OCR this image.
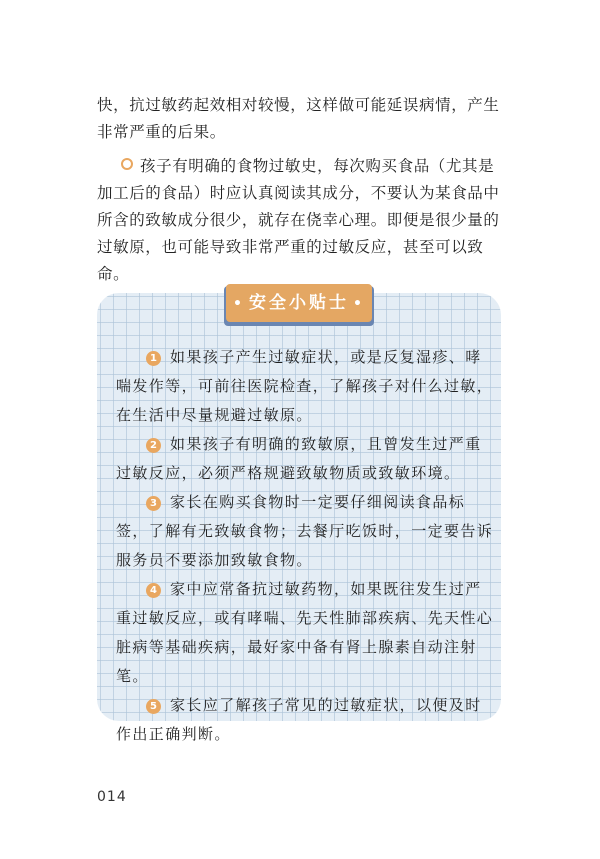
快，抗过敏药起效相对较慢，这样做可能延误病情，产生非常严重的后果。

孩子有明确的食物过敏史，每次购买食品（尤其是加工后的食品）时应认真阅读其成分，不要认为某食品中所含的致敏成分很少，就存在侥幸心理。即便是很少量的过敏原，也可能导致非常严重的过敏反应，甚至可以致命。

• 安全小贴士 •
1 如果孩子产生过敏症状，或是反复湿疹、哮喘发作等，可前往医院检查，了解孩子对什么过敏，在生活中尽量规避过敏原。
2 如果孩子有明确的致敏原，且曾发生过严重过敏反应，必须严格规避致敏物质或致敏环境。
3 家长在购买食物时一定要仔细阅读食品标签，了解有无致敏食物；去餐厅吃饭时，一定要告诉服务员不要添加致敏食物。
4 家中应常备抗过敏药物，如果既往发生过严重过敏反应，或有哮喘、先天性肺部疾病、先天性心脏病等基础疾病，最好家中备有肾上腺素自动注射笔。
5 家长应了解孩子常见的过敏症状，以便及时作出正确判断。
014
